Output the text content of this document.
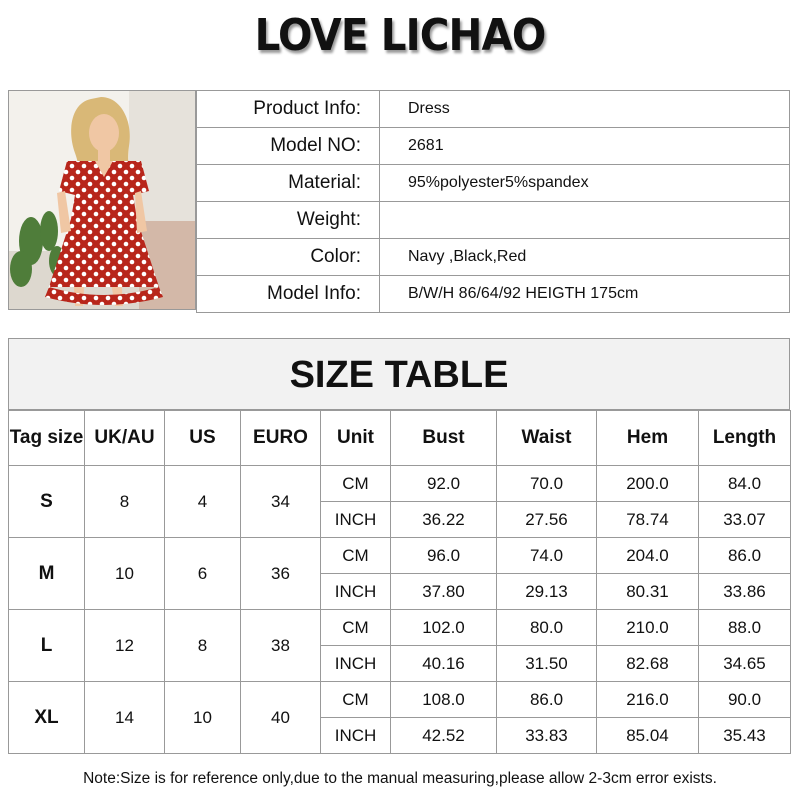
LOVE LICHAO
Product Info:	Dress
Model NO:	2681
Material:	95%polyester5%spandex
Weight:	
Color:	Navy ,Black,Red
Model Info:	B/W/H 86/64/92 HEIGTH 175cm
SIZE TABLE
Tag size	UK/AU	US	EURO	Unit	Bust	Waist	Hem	Length
S	8	4	34	CM	92.0	70.0	200.0	84.0
				INCH	36.22	27.56	78.74	33.07
M	10	6	36	CM	96.0	74.0	204.0	86.0
				INCH	37.80	29.13	80.31	33.86
L	12	8	38	CM	102.0	80.0	210.0	88.0
				INCH	40.16	31.50	82.68	34.65
XL	14	10	40	CM	108.0	86.0	216.0	90.0
				INCH	42.52	33.83	85.04	35.43
Note:Size is for reference only,due to the manual measuring,please allow 2-3cm error exists.
